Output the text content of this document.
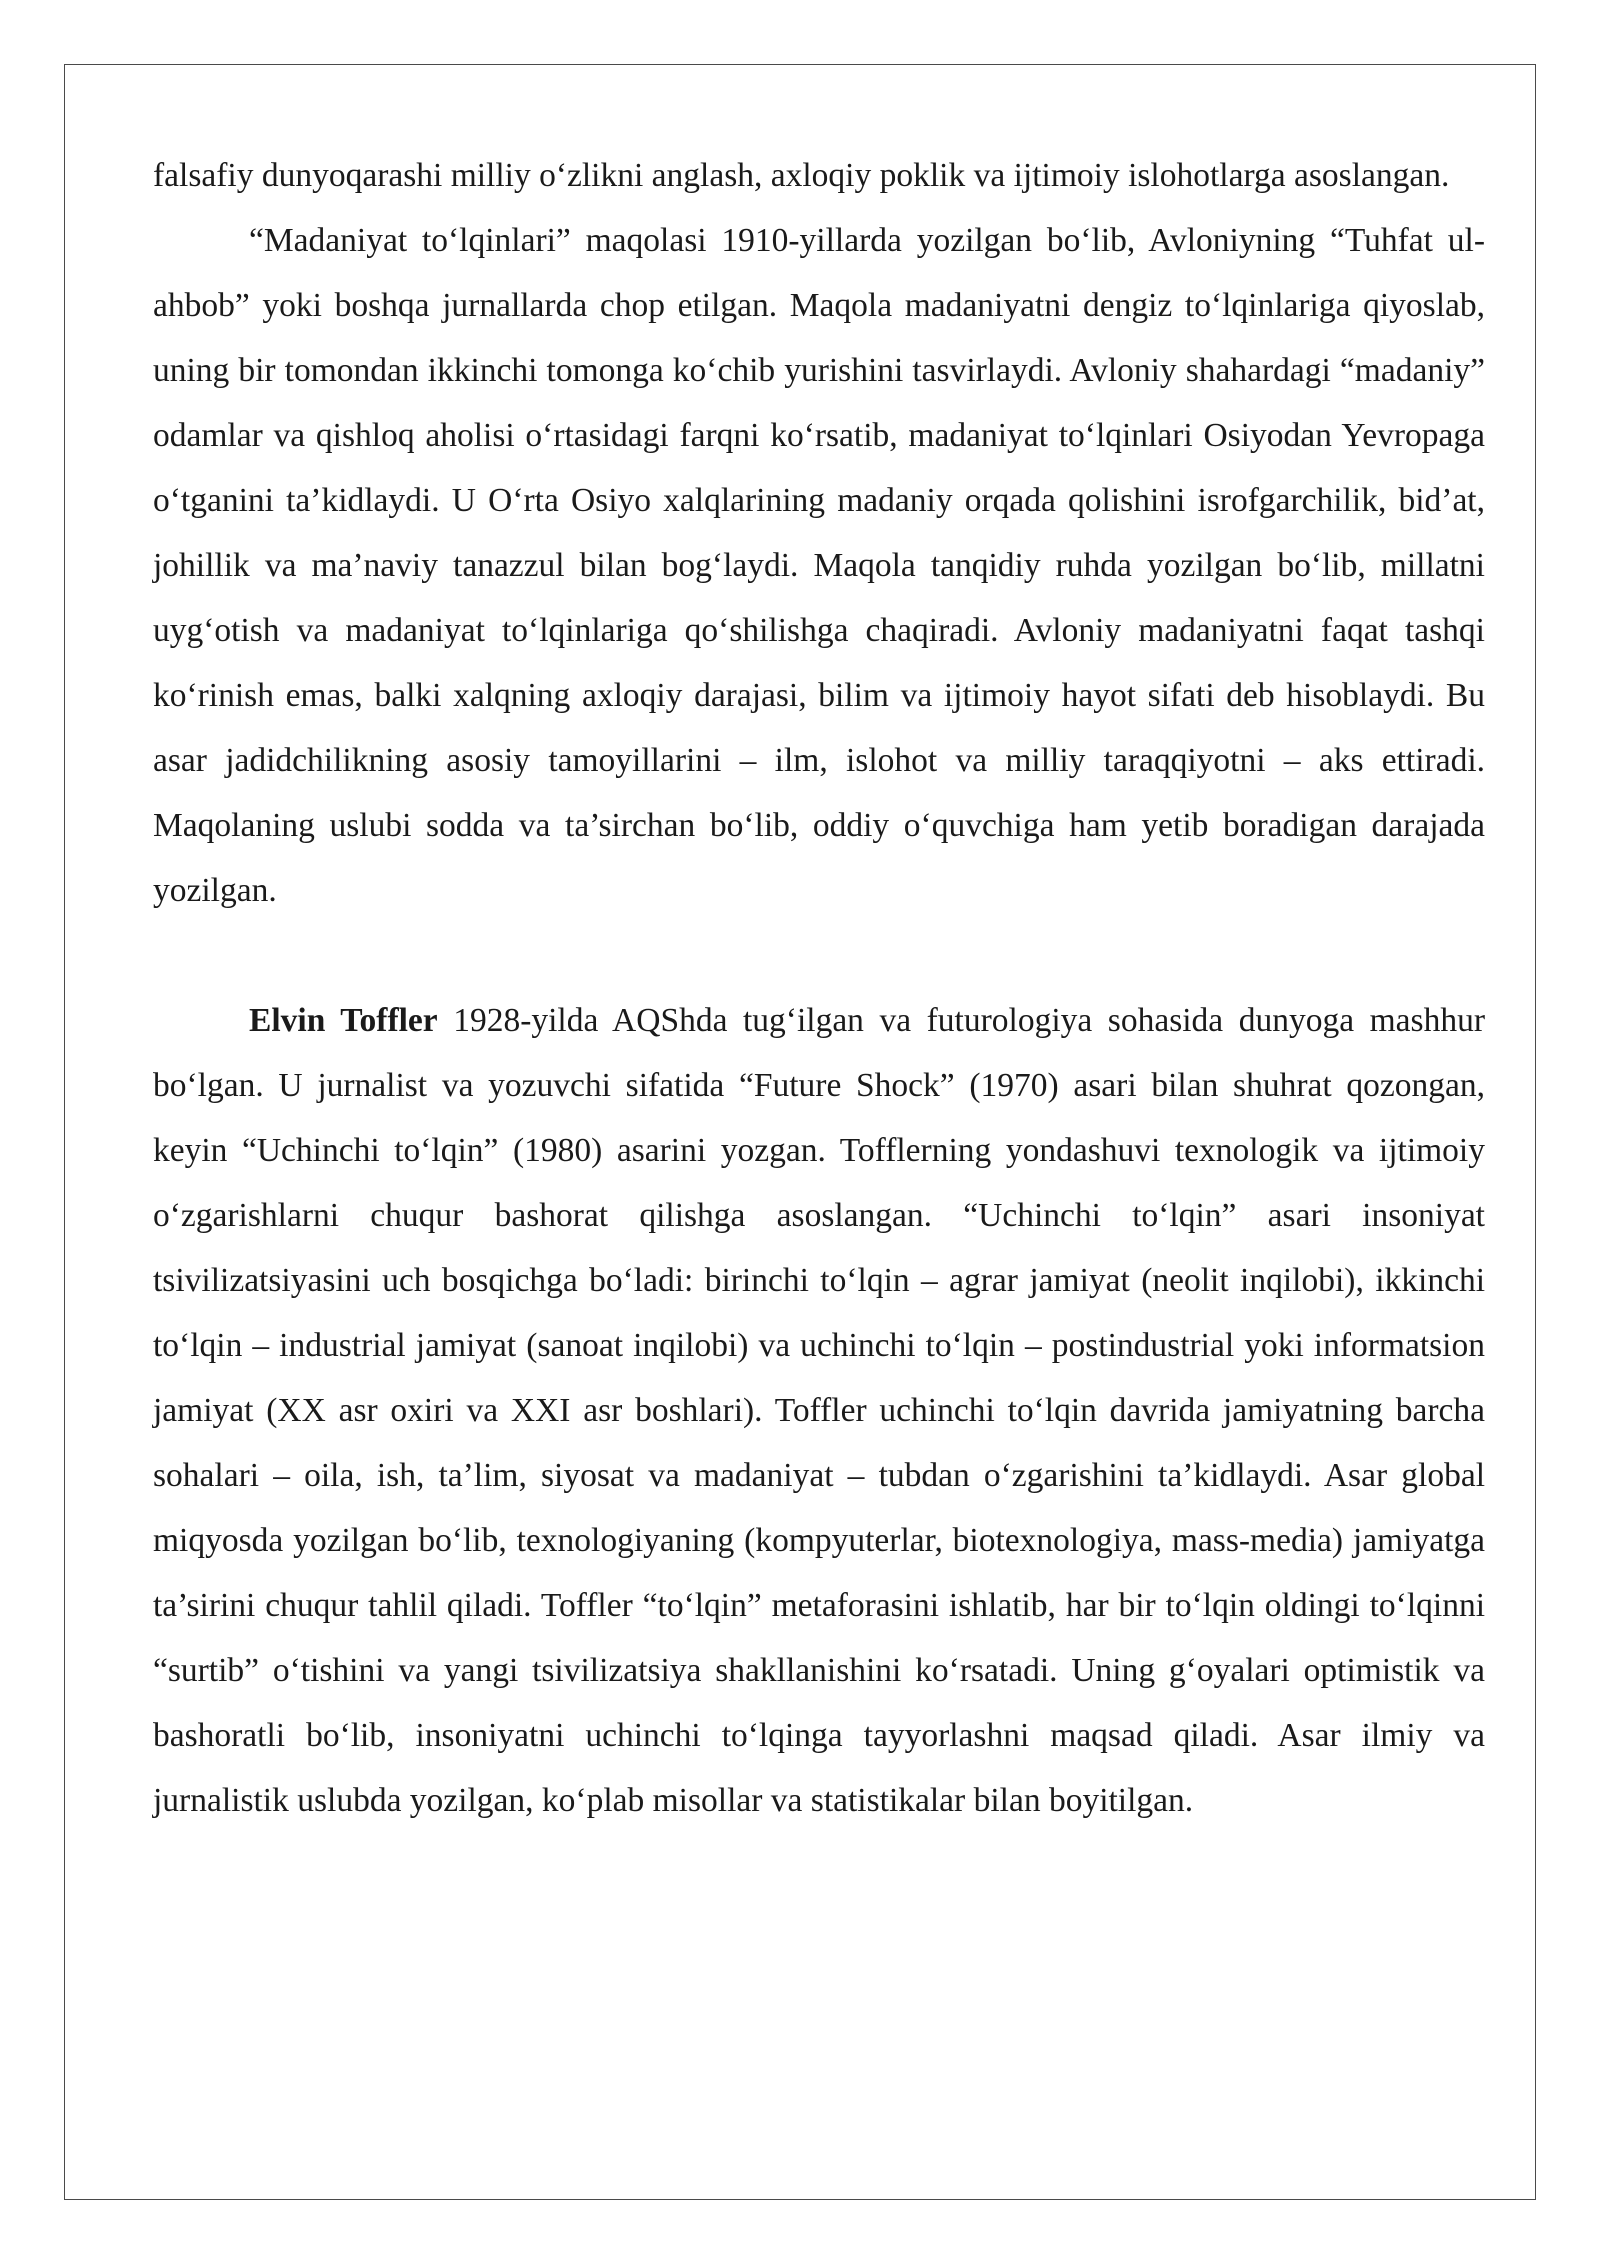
falsafiy dunyoqarashi milliy o‘zlikni anglash, axloqiy poklik va ijtimoiy islohotlarga asoslangan.

“Madaniyat to‘lqinlari” maqolasi 1910-yillarda yozilgan bo‘lib, Avloniyning “Tuhfat ul-ahbob” yoki boshqa jurnallarda chop etilgan. Maqola madaniyatni dengiz to‘lqinlariga qiyoslab, uning bir tomondan ikkinchi tomonga ko‘chib yurishini tasvirlaydi. Avloniy shahardagi “madaniy” odamlar va qishloq aholisi o‘rtasidagi farqni ko‘rsatib, madaniyat to‘lqinlari Osiyodan Yevropaga o‘tganini ta’kidlaydi. U O‘rta Osiyo xalqlarining madaniy orqada qolishini isrofgarchilik, bid’at, johillik va ma’naviy tanazzul bilan bog‘laydi. Maqola tanqidiy ruhda yozilgan bo‘lib, millatni uyg‘otish va madaniyat to‘lqinlariga qo‘shilishga chaqiradi. Avloniy madaniyatni faqat tashqi ko‘rinish emas, balki xalqning axloqiy darajasi, bilim va ijtimoiy hayot sifati deb hisoblaydi. Bu asar jadidchilikning asosiy tamoyillarini – ilm, islohot va milliy taraqqiyotni – aks ettiradi. Maqolaning uslubi sodda va ta’sirchan bo‘lib, oddiy o‘quvchiga ham yetib boradigan darajada yozilgan.

Elvin Toffler 1928-yilda AQShda tug‘ilgan va futurologiya sohasida dunyoga mashhur bo‘lgan. U jurnalist va yozuvchi sifatida “Future Shock” (1970) asari bilan shuhrat qozongan, keyin “Uchinchi to‘lqin” (1980) asarini yozgan. Tofflerning yondashuvi texnologik va ijtimoiy o‘zgarishlarni chuqur bashorat qilishga asoslangan. “Uchinchi to‘lqin” asari insoniyat tsivilizatsiyasini uch bosqichga bo‘ladi: birinchi to‘lqin – agrar jamiyat (neolit inqilobi), ikkinchi to‘lqin – industrial jamiyat (sanoat inqilobi) va uchinchi to‘lqin – postindustrial yoki informatsion jamiyat (XX asr oxiri va XXI asr boshlari). Toffler uchinchi to‘lqin davrida jamiyatning barcha sohalari – oila, ish, ta’lim, siyosat va madaniyat – tubdan o‘zgarishini ta’kidlaydi. Asar global miqyosda yozilgan bo‘lib, texnologiyaning (kompyuterlar, biotexnologiya, mass-media) jamiyatga ta’sirini chuqur tahlil qiladi. Toffler “to‘lqin” metaforasini ishlatib, har bir to‘lqin oldingi to‘lqinni “surtib” o‘tishini va yangi tsivilizatsiya shakllanishini ko‘rsatadi. Uning g‘oyalari optimistik va bashoratli bo‘lib, insoniyatni uchinchi to‘lqinga tayyorlashni maqsad qiladi. Asar ilmiy va jurnalistik uslubda yozilgan, ko‘plab misollar va statistikalar bilan boyitilgan.
